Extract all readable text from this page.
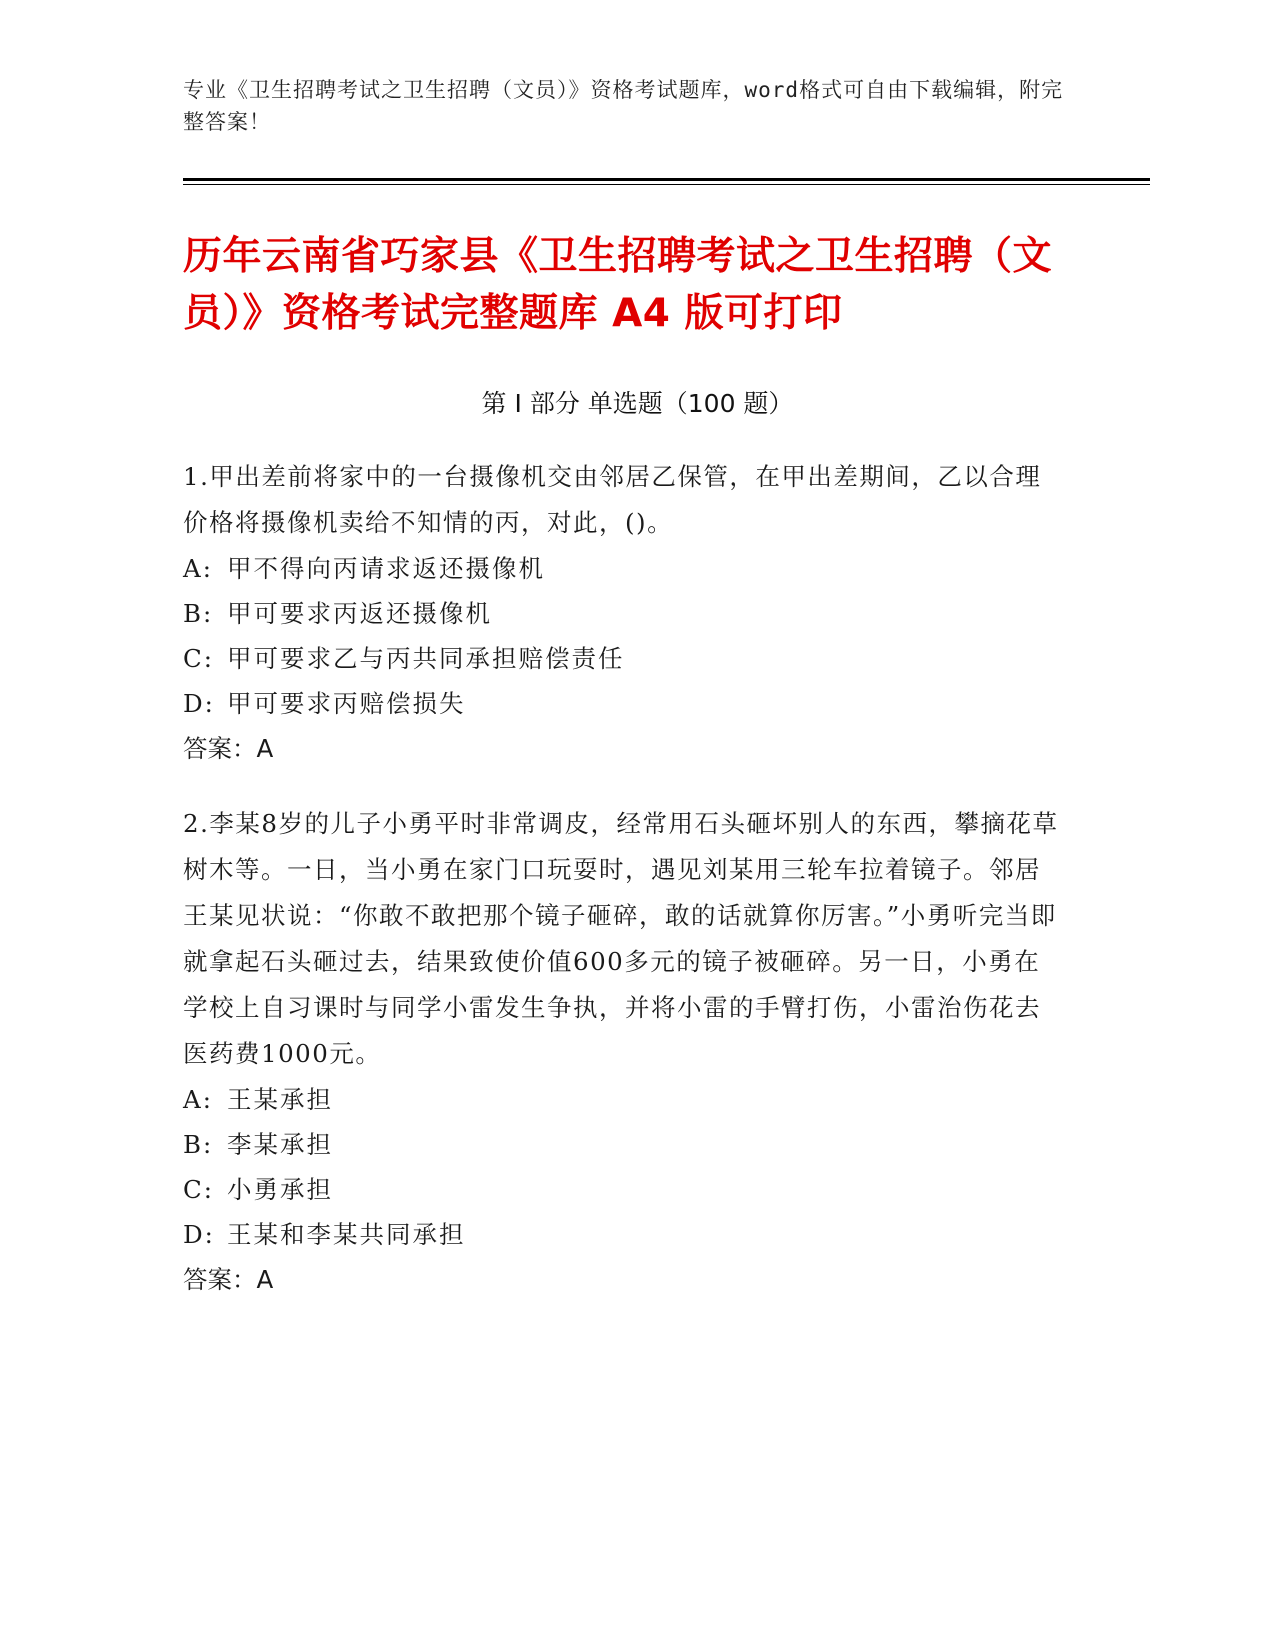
专业《卫生招聘考试之卫生招聘（文员）》资格考试题库，word格式可自由下载编辑，附完整答案！
历年云南省巧家县《卫生招聘考试之卫生招聘（文员）》资格考试完整题库 A4 版可打印
第 I 部分 单选题（100 题）

1.甲出差前将家中的一台摄像机交由邻居乙保管，在甲出差期间，乙以合理价格将摄像机卖给不知情的丙，对此，()。

A: 甲不得向丙请求返还摄像机

B: 甲可要求丙返还摄像机

C: 甲可要求乙与丙共同承担赔偿责任

D: 甲可要求丙赔偿损失

答案：A

2.李某8岁的儿子小勇平时非常调皮，经常用石头砸坏别人的东西，攀摘花草树木等。一日，当小勇在家门口玩耍时，遇见刘某用三轮车拉着镜子。邻居王某见状说：“你敢不敢把那个镜子砸碎，敢的话就算你厉害。”小勇听完当即就拿起石头砸过去，结果致使价值600多元的镜子被砸碎。另一日，小勇在学校上自习课时与同学小雷发生争执，并将小雷的手臂打伤，小雷治伤花去医药费1000元。

A: 王某承担

B: 李某承担

C: 小勇承担

D: 王某和李某共同承担

答案：A
